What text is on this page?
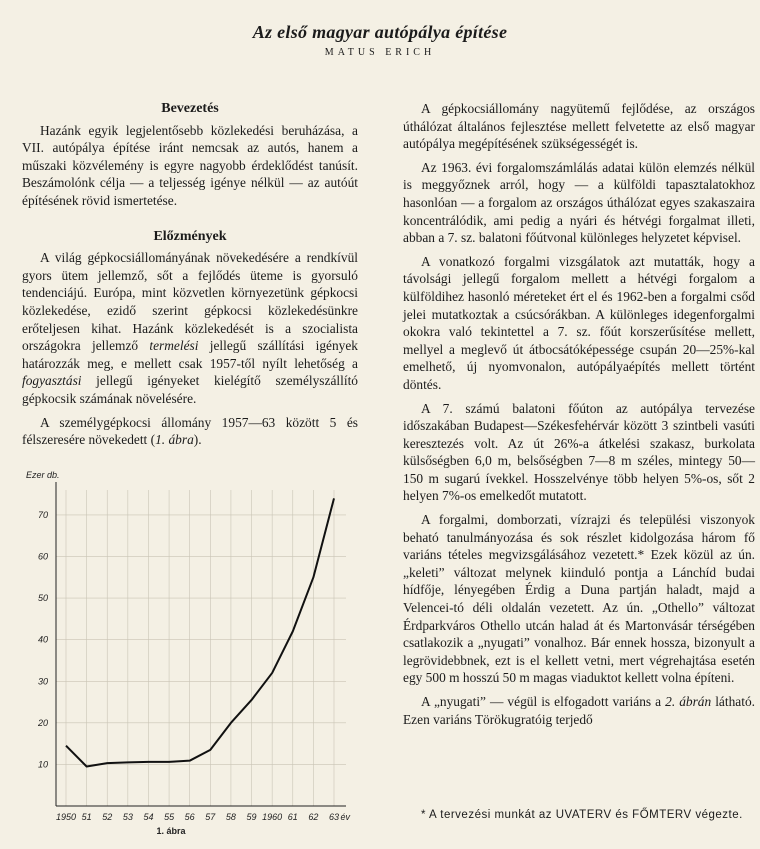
Az első magyar autópálya építése
MATUS ERICH
Bevezetés

Hazánk egyik legjelentősebb közlekedési beruházása, a VII. autópálya építése iránt nemcsak az autós, hanem a műszaki közvélemény is egyre nagyobb érdeklődést tanúsít. Beszámolónk célja — a teljesség igénye nélkül — az autóút építésének rövid ismertetése.

Előzmények

A világ gépkocsiállományának növekedésére a rendkívül gyors ütem jellemző, sőt a fejlődés üteme is gyorsuló tendenciájú. Európa, mint közvetlen környezetünk gépkocsi közlekedése, ezidő szerint gépkocsi közlekedésünkre erőteljesen kihat. Hazánk közlekedését is a szocialista országokra jellemző termelési jellegű szállítási igények határozzák meg, e mellett csak 1957-től nyílt lehetőség a fogyasztási jellegű igényeket kielégítő személyszállító gépkocsik számának növelésére.

A személygépkocsi állomány 1957—63 között 5 és félszeresére növekedett (1. ábra).

10
20
30
40
50
60
70
1950 51 52 53 54 55 56 57 58 59 1960 61 62 63
Ezer db.
év
1. ábra

A gépkocsiállomány nagyütemű fejlődése, az országos úthálózat általános fejlesztése mellett felvetette az első magyar autópálya megépítésének szükségességét is.

Az 1963. évi forgalomszámlálás adatai külön elemzés nélkül is meggyőznek arról, hogy — a külföldi tapasztalatokhoz hasonlóan — a forgalom az országos úthálózat egyes szakaszaira koncentrálódik, ami pedig a nyári és hétvégi forgalmat illeti, abban a 7. sz. balatoni főútvonal különleges helyzetet képvisel.

A vonatkozó forgalmi vizsgálatok azt mutatták, hogy a távolsági jellegű forgalom mellett a hétvégi forgalom a külföldihez hasonló méreteket ért el és 1962-ben a forgalmi csőd jelei mutatkoztak a csúcsórákban. A különleges idegenforgalmi okokra való tekintettel a 7. sz. főút korszerűsítése mellett, mellyel a meglevő út átbocsátóképessége csupán 20—25%-kal emelhető, új nyomvonalon, autópályaépítés mellett történt döntés.

A 7. számú balatoni főúton az autópálya tervezése időszakában Budapest—Székesfehérvár között 3 szintbeli vasúti keresztezés volt. Az út 26%-a átkelési szakasz, burkolata külsőségben 6,0 m, belsőségben 7—8 m széles, mintegy 50—150 m sugarú ívekkel. Hosszelvénye több helyen 5%-os, sőt 2 helyen 7%-os emelkedőt mutatott.

A forgalmi, domborzati, vízrajzi és települési viszonyok beható tanulmányozása és sok részlet kidolgozása három fő variáns tételes megvizsgálásához vezetett.* Ezek közül az ún. „keleti” változat melynek kiinduló pontja a Lánchíd budai hídfője, lényegében Érdig a Duna partján haladt, majd a Velencei-tó déli oldalán vezetett. Az ún. „Othello” változat Érdparkváros Othello utcán halad át és Martonvásár térségében csatlakozik a „nyugati” vonalhoz. Bár ennek hossza, bizonyult a legrövidebbnek, ezt is el kellett vetni, mert végrehajtása esetén egy 500 m hosszú 50 m magas viaduktot kellett volna építeni.

A „nyugati” — végül is elfogadott variáns a 2. ábrán látható. Ezen variáns Törökugratóig terjedő

* A tervezési munkát az UVATERV és FŐMTERV végezte.
